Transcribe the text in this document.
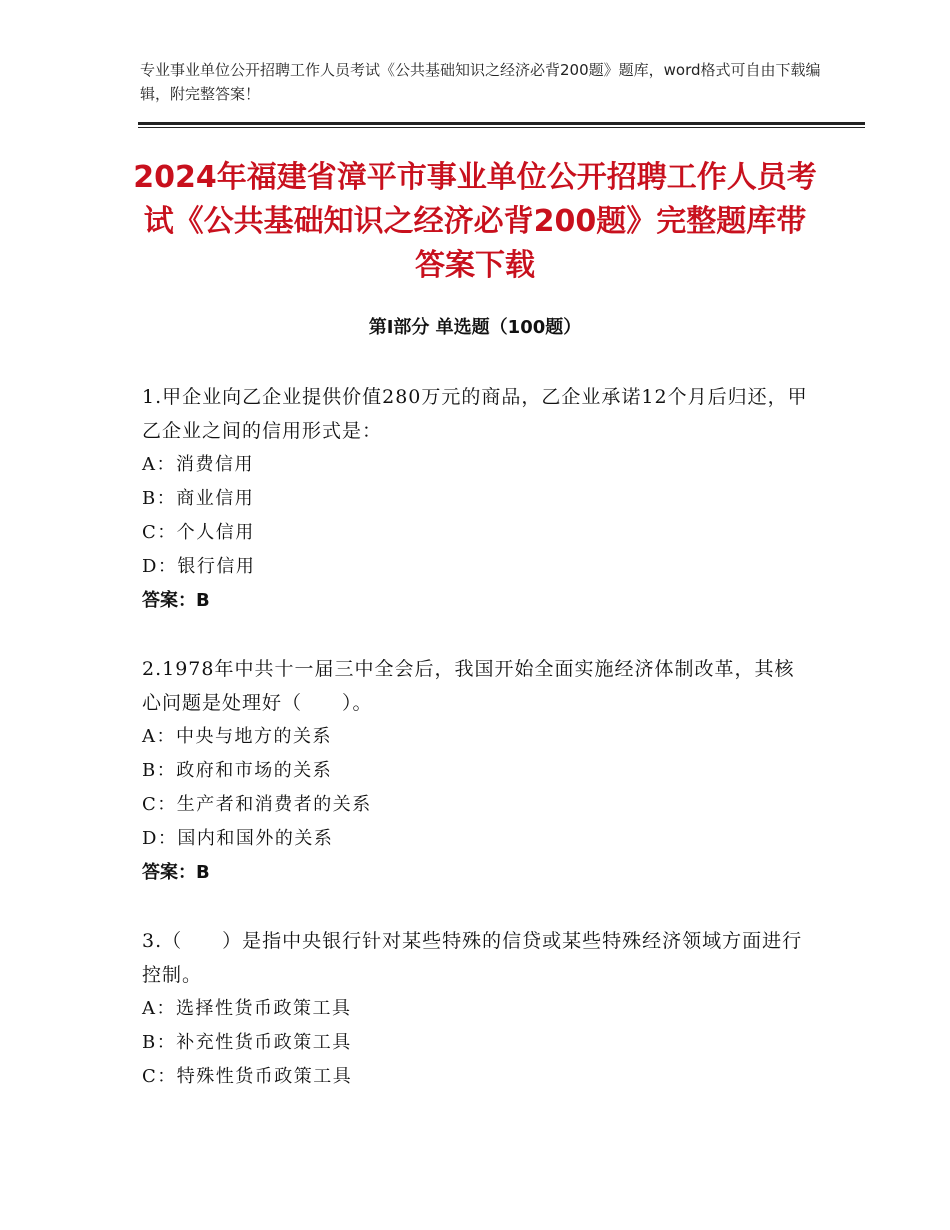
专业事业单位公开招聘工作人员考试《公共基础知识之经济必背200题》题库，word格式可自由下载编辑，附完整答案！
2024年福建省漳平市事业单位公开招聘工作人员考试《公共基础知识之经济必背200题》完整题库带答案下载
第I部分 单选题（100题）

1.甲企业向乙企业提供价值280万元的商品，乙企业承诺12个月后归还，甲乙企业之间的信用形式是：

A：消费信用

B：商业信用

C：个人信用

D：银行信用

答案：B

2.1978年中共十一届三中全会后，我国开始全面实施经济体制改革，其核心问题是处理好（　　）。

A：中央与地方的关系

B：政府和市场的关系

C：生产者和消费者的关系

D：国内和国外的关系

答案：B

3.（　　）是指中央银行针对某些特殊的信贷或某些特殊经济领域方面进行控制。

A：选择性货币政策工具

B：补充性货币政策工具

C：特殊性货币政策工具
